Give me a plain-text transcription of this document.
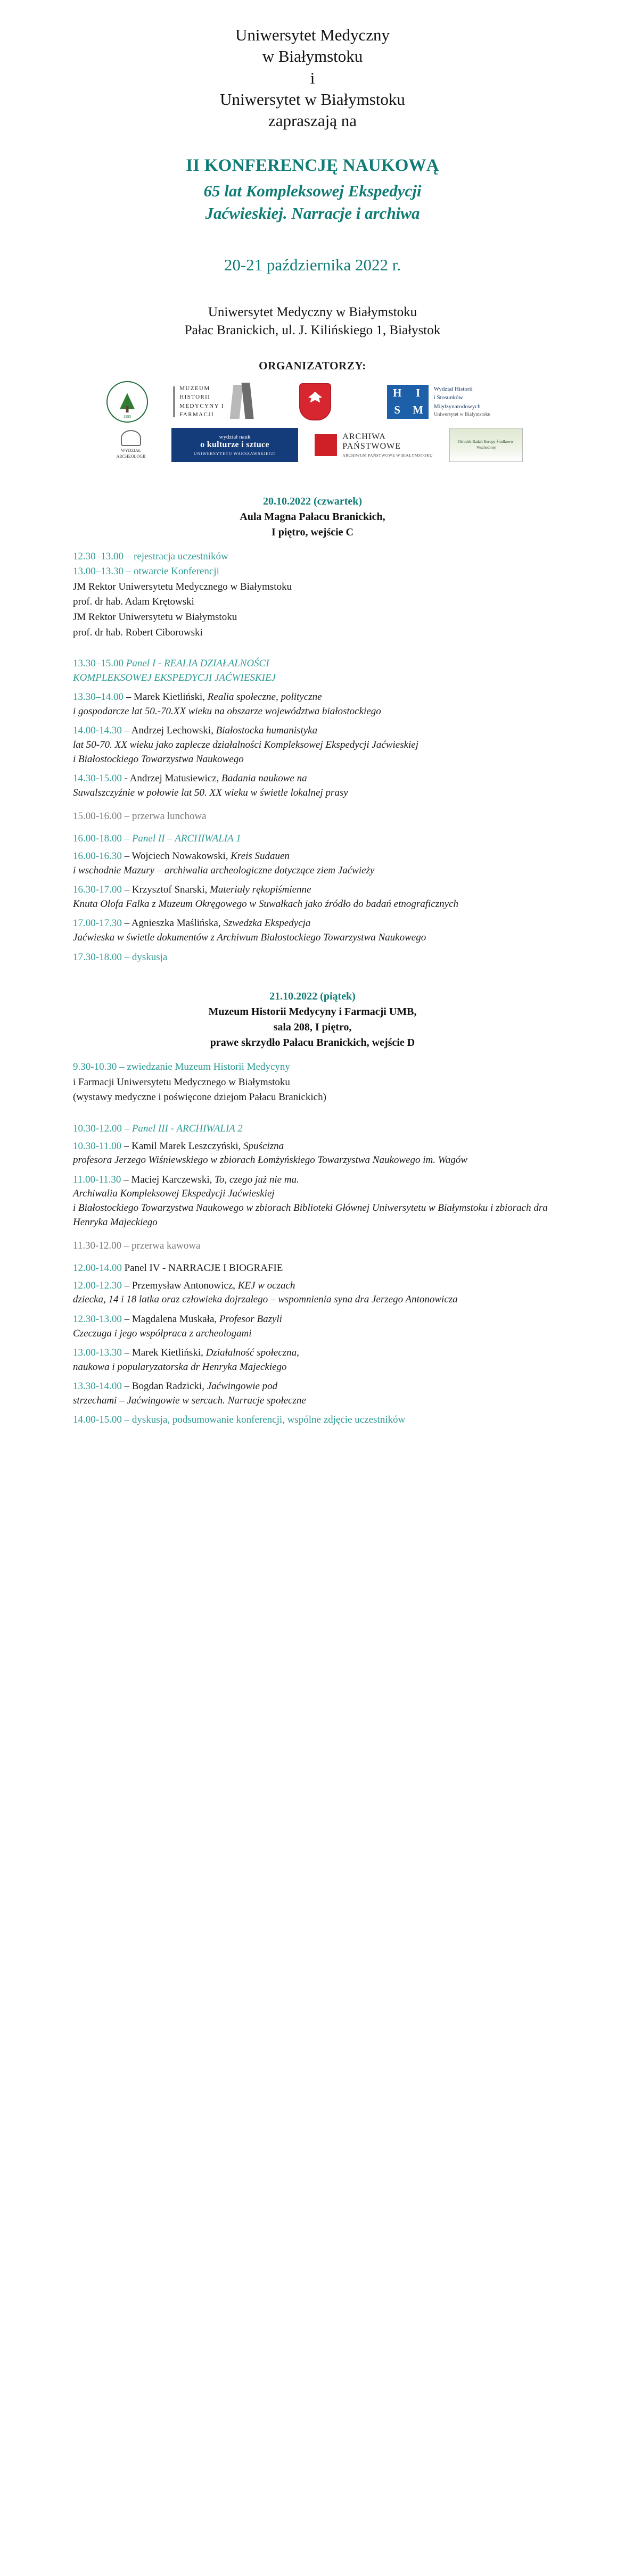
Uniwersytet Medyczny
w Białymstoku
i
Uniwersytet w Białymstoku
zapraszają na
II KONFERENCJĘ NAUKOWĄ
65 lat Kompleksowej Ekspedycji
Jaćwieskiej. Narracje i archiwa
20-21 października 2022 r.
Uniwersytet Medyczny w Białymstoku
Pałac Branickich, ul. J. Kilińskiego 1, Białystok
ORGANIZATORZY:
1993
MUZEUM
HISTORII
MEDYCYNY I
FARMACJI
H I
S M
Wydział Historii
i Stosunków
Międzynarodowych
Uniwersytet w Białymstoku
WYDZIAŁ
ARCHEOLOGII
wydział nauk
o kulturze i sztuce
UNIWERSYTETU WARSZAWSKIEGO
ARCHIWA
PAŃSTWOWE
ARCHIWUM PAŃSTWOWE W BIAŁYMSTOKU
Ośrodek Badań Europy Środkowo-Wschodniej
20.10.2022 (czwartek)
Aula Magna Pałacu Branickich,
I piętro, wejście C
12.30–13.00 – rejestracja uczestników
13.00–13.30 – otwarcie Konferencji
JM Rektor Uniwersytetu Medycznego w Białymstoku
prof. dr hab. Adam Krętowski
JM Rektor Uniwersytetu w Białymstoku
prof. dr hab. Robert Ciborowski
13.30–15.00 Panel I - REALIA DZIAŁALNOŚCI
KOMPLEKSOWEJ EKSPEDYCJI JAĆWIESKIEJ
13.30–14.00 – Marek Kietliński, Realia społeczne, polityczne
i gospodarcze lat 50.-70.XX wieku na obszarze województwa białostockiego
14.00-14.30 – Andrzej Lechowski, Białostocka humanistyka
lat 50-70. XX wieku jako zaplecze działalności Kompleksowej Ekspedycji Jaćwieskiej
i Białostockiego Towarzystwa Naukowego
14.30-15.00 - Andrzej Matusiewicz, Badania naukowe na
Suwalszczyźnie w połowie lat 50. XX wieku w świetle lokalnej prasy
15.00-16.00 – przerwa lunchowa
16.00-18.00 – Panel II – ARCHIWALIA 1
16.00-16.30 – Wojciech Nowakowski, Kreis Sudauen
i wschodnie Mazury – archiwalia archeologiczne dotyczące ziem Jaćwieży
16.30-17.00 – Krzysztof Snarski, Materiały rękopiśmienne
Knuta Olofa Falka z Muzeum Okręgowego w Suwałkach jako źródło do badań etnograficznych
17.00-17.30 – Agnieszka Maślińska, Szwedzka Ekspedycja
Jaćwieska w świetle dokumentów z Archiwum Białostockiego Towarzystwa Naukowego
17.30-18.00 – dyskusja
21.10.2022 (piątek)
Muzeum Historii Medycyny i Farmacji UMB,
sala 208, I piętro,
prawe skrzydło Pałacu Branickich, wejście D
9.30-10.30 – zwiedzanie Muzeum Historii Medycyny
i Farmacji Uniwersytetu Medycznego w Białymstoku
(wystawy medyczne i poświęcone dziejom Pałacu Branickich)
10.30-12.00 – Panel III - ARCHIWALIA 2
10.30-11.00 – Kamil Marek Leszczyński, Spuścizna
profesora Jerzego Wiśniewskiego w zbiorach Łomżyńskiego Towarzystwa Naukowego im. Wagów
11.00-11.30 – Maciej Karczewski, To, czego już nie ma.
Archiwalia Kompleksowej Ekspedycji Jaćwieskiej
i Białostockiego Towarzystwa Naukowego w zbiorach Biblioteki Głównej Uniwersytetu w Białymstoku i zbiorach dra Henryka Majeckiego
11.30-12.00 – przerwa kawowa
12.00-14.00 Panel IV - NARRACJE I BIOGRAFIE
12.00-12.30 – Przemysław Antonowicz, KEJ w oczach
dziecka, 14 i 18 latka oraz człowieka dojrzałego – wspomnienia syna dra Jerzego Antonowicza
12.30-13.00 – Magdalena Muskała, Profesor Bazyli
Czeczuga i jego współpraca z archeologami
13.00-13.30 – Marek Kietliński, Działalność społeczna,
naukowa i popularyzatorska dr Henryka Majeckiego
13.30-14.00 – Bogdan Radzicki, Jaćwingowie pod
strzechami – Jaćwingowie w sercach. Narracje społeczne
14.00-15.00 – dyskusja, podsumowanie konferencji, wspólne zdjęcie uczestników
